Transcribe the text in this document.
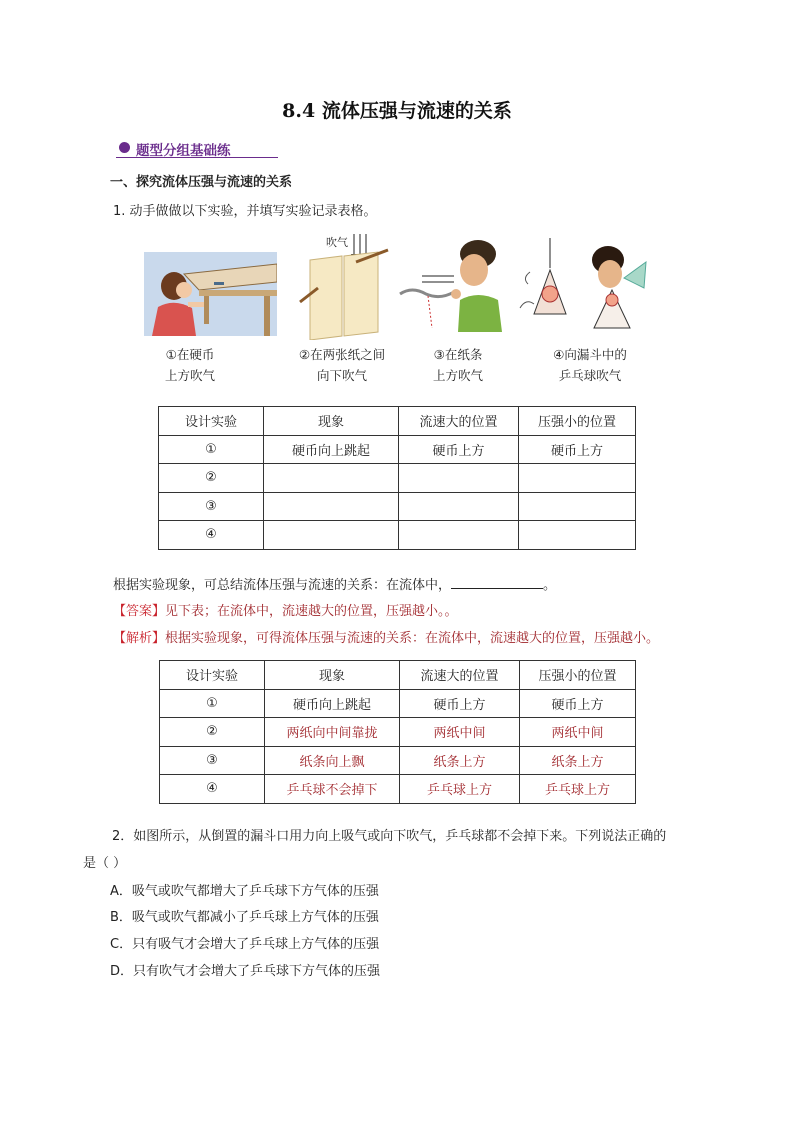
8.4 流体压强与流速的关系
题型分组基础练
一、探究流体压强与流速的关系
1. 动手做做以下实验，并填写实验记录表格。
吹气
①在硬币
上方吹气
②在两张纸之间
向下吹气
③在纸条
上方吹气
④向漏斗中的
乒乓球吹气
设计实验	现象	流速大的位置	压强小的位置
①	硬币向上跳起	硬币上方	硬币上方
②			
③			
④			
根据实验现象，可总结流体压强与流速的关系：在流体中，	。
【答案】见下表；在流体中，流速越大的位置，压强越小。。
【解析】根据实验现象，可得流体压强与流速的关系：在流体中，流速越大的位置，压强越小。
设计实验	现象	流速大的位置	压强小的位置
①	硬币向上跳起	硬币上方	硬币上方
②	两纸向中间靠拢	两纸中间	两纸中间
③	纸条向上飘	纸条上方	纸条上方
④	乒乓球不会掉下	乒乓球上方	乒乓球上方
2．如图所示，从倒置的漏斗口用力向上吸气或向下吹气，乒乓球都不会掉下来。下列说法正确的
是（ ）
A．吸气或吹气都增大了乒乓球下方气体的压强
B．吸气或吹气都减小了乒乓球上方气体的压强
C．只有吸气才会增大了乒乓球上方气体的压强
D．只有吹气才会增大了乒乓球下方气体的压强
